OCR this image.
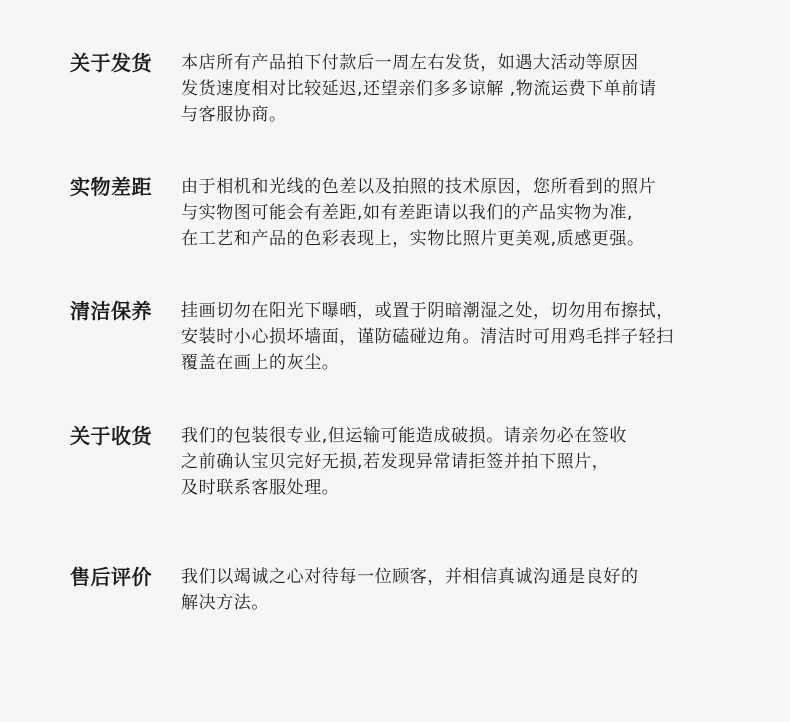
关于发货 本店所有产品拍下付款后一周左右发货，如遇大活动等原因
发货速度相对比较延迟,还望亲们多多谅解 ,物流运费下单前请
与客服协商。
实物差距 由于相机和光线的色差以及拍照的技术原因，您所看到的照片
与实物图可能会有差距,如有差距请以我们的产品实物为准,
在工艺和产品的色彩表现上，实物比照片更美观,质感更强。
清洁保养 挂画切勿在阳光下曝晒，或置于阴暗潮湿之处，切勿用布擦拭，
安装时小心损坏墙面，谨防磕碰边角。清洁时可用鸡毛拌子轻扫
覆盖在画上的灰尘。
关于收货 我们的包装很专业,但运输可能造成破损。请亲勿必在签收
之前确认宝贝完好无损,若发现异常请拒签并拍下照片，
及时联系客服处理。
售后评价 我们以竭诚之心对待每一位顾客，并相信真诚沟通是良好的
解决方法。
